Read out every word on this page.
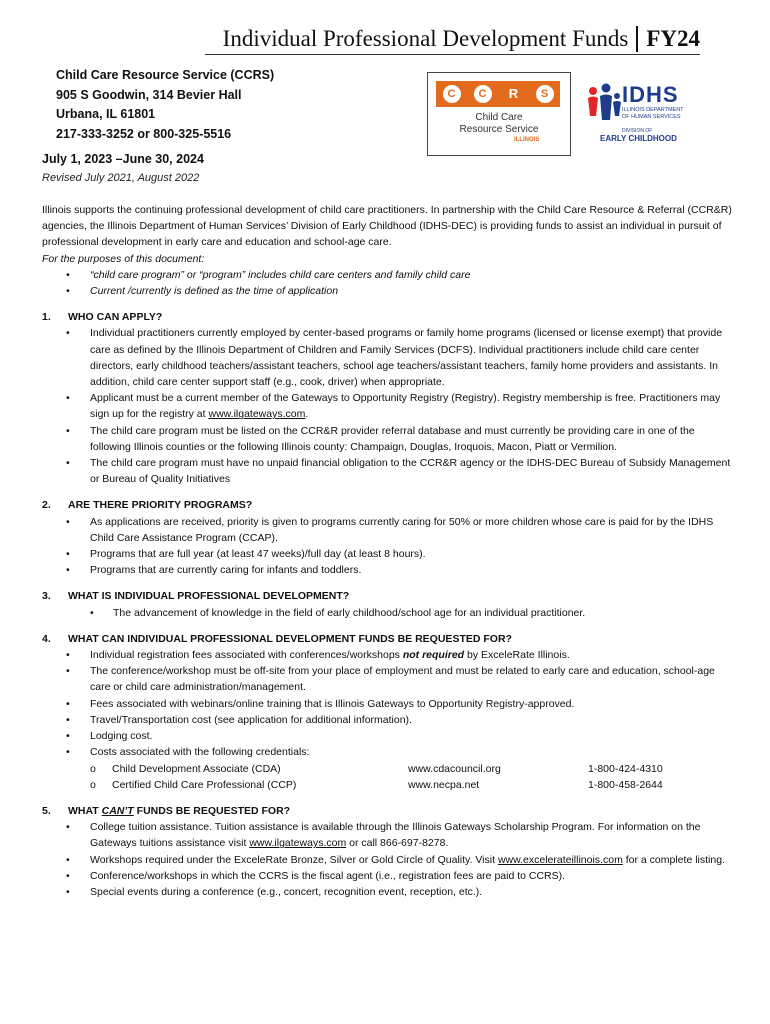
Individual Professional Development Funds FY24
Child Care Resource Service (CCRS)
905 S Goodwin, 314 Bevier Hall
Urbana, IL 61801
217-333-3252 or 800-325-5516
July 1, 2023 –June 30, 2024
Revised July 2021, August 2022
C	C	R	S
Child Care
Resource Service
ILLINOIS
IDHS
ILLINOIS DEPARTMENT
OF HUMAN SERVICES
DIVISION OF
EARLY CHILDHOOD

Illinois supports the continuing professional development of child care practitioners. In partnership with the Child Care Resource & Referral (CCR&R) agencies, the Illinois Department of Human Services’ Division of Early Childhood (IDHS-DEC) is providing funds to assist an individual in pursuit of professional development in early care and education and school-age care.

For the purposes of this document:

• “child care program” or “program” includes child care centers and family child care
• Current /currently is defined as the time of application
1. WHO CAN APPLY?
• Individual practitioners currently employed by center-based programs or family home programs (licensed or license exempt) that provide care as defined by the Illinois Department of Children and Family Services (DCFS). Individual practitioners include child care center directors, early childhood teachers/assistant teachers, school age teachers/assistant teachers, family home providers and assistants. In addition, child care center support staff (e.g., cook, driver) when appropriate.
• Applicant must be a current member of the Gateways to Opportunity Registry (Registry). Registry membership is free. Practitioners may sign up for the registry at www.ilgateways.com.
• The child care program must be listed on the CCR&R provider referral database and must currently be providing care in one of the following Illinois counties or the following Illinois county: Champaign, Douglas, Iroquois, Macon, Piatt or Vermilion.
• The child care program must have no unpaid financial obligation to the CCR&R agency or the IDHS-DEC Bureau of Subsidy Management or Bureau of Quality Initiatives
2. ARE THERE PRIORITY PROGRAMS?
• As applications are received, priority is given to programs currently caring for 50% or more children whose care is paid for by the IDHS Child Care Assistance Program (CCAP).
• Programs that are full year (at least 47 weeks)/full day (at least 8 hours).
• Programs that are currently caring for infants and toddlers.
3. WHAT IS INDIVIDUAL PROFESSIONAL DEVELOPMENT?
• The advancement of knowledge in the field of early childhood/school age for an individual practitioner.
4. WHAT CAN INDIVIDUAL PROFESSIONAL DEVELOPMENT FUNDS BE REQUESTED FOR?
• Individual registration fees associated with conferences/workshops not required by ExceleRate Illinois.
• The conference/workshop must be off-site from your place of employment and must be related to early care and education, school-age care or child care administration/management.
• Fees associated with webinars/online training that is Illinois Gateways to Opportunity Registry-approved.
• Travel/Transportation cost (see application for additional information).
• Lodging cost.
• Costs associated with the following credentials:
o Child Development Associate (CDA)	www.cdacouncil.org	1-800-424-4310
o Certified Child Care Professional (CCP)	www.necpa.net	1-800-458-2644
5. WHAT CAN’T FUNDS BE REQUESTED FOR?
• College tuition assistance. Tuition assistance is available through the Illinois Gateways Scholarship Program. For information on the Gateways tuitions assistance visit www.ilgateways.com or call 866-697-8278.
• Workshops required under the ExceleRate Bronze, Silver or Gold Circle of Quality. Visit www.excelerateillinois.com for a complete listing.
• Conference/workshops in which the CCRS is the fiscal agent (i.e., registration fees are paid to CCRS).
• Special events during a conference (e.g., concert, recognition event, reception, etc.).
